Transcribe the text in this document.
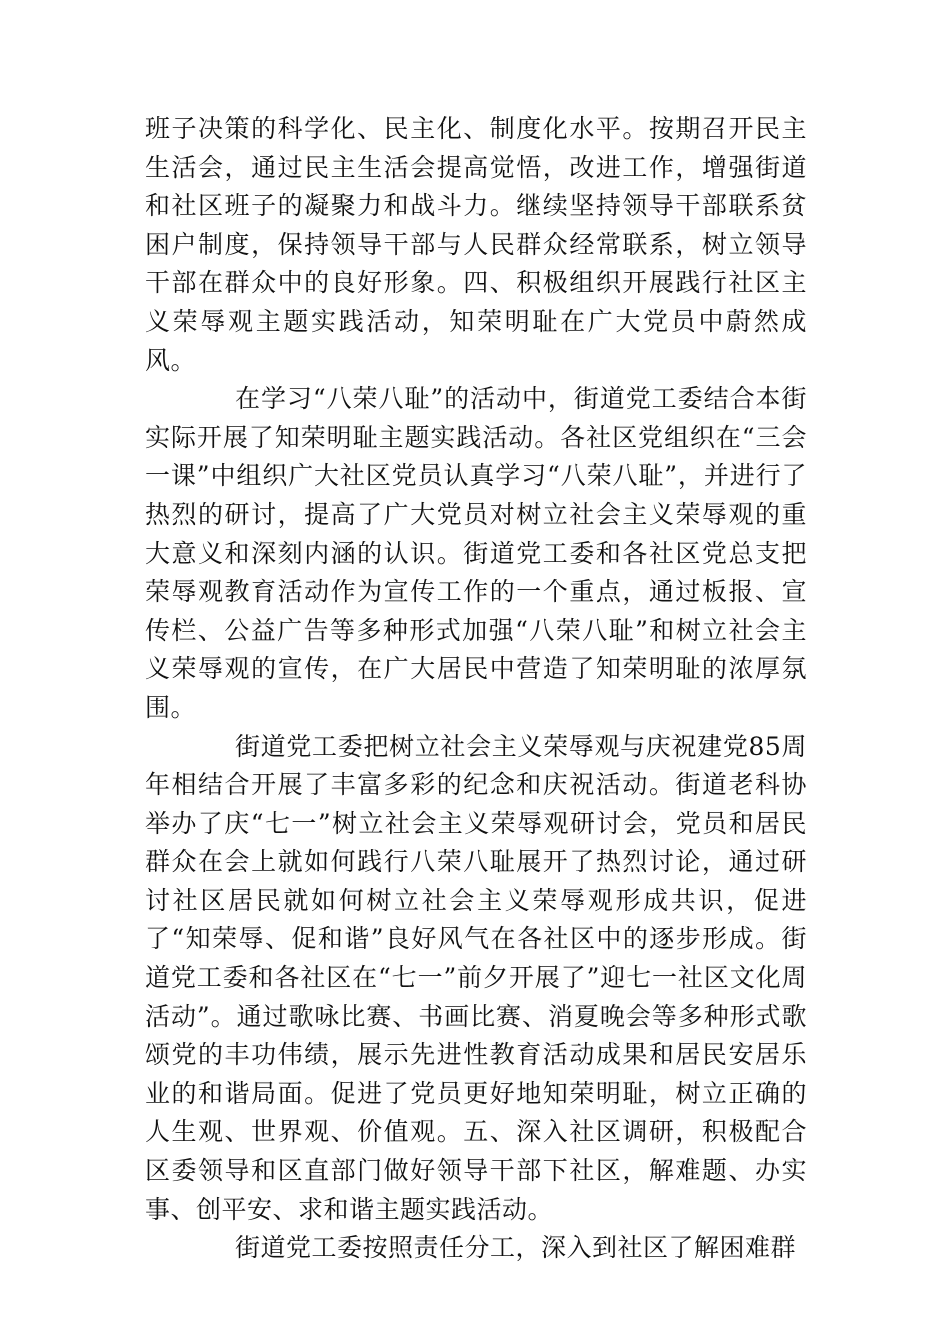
班子决策的科学化、民主化、制度化水平。按期召开民主生活会，通过民主生活会提高觉悟，改进工作，增强街道和社区班子的凝聚力和战斗力。继续坚持领导干部联系贫困户制度，保持领导干部与人民群众经常联系，树立领导干部在群众中的良好形象。四、积极组织开展践行社区主义荣辱观主题实践活动，知荣明耻在广大党员中蔚然成风。

在学习“八荣八耻”的活动中，街道党工委结合本街实际开展了知荣明耻主题实践活动。各社区党组织在“三会一课”中组织广大社区党员认真学习“八荣八耻”，并进行了热烈的研讨，提高了广大党员对树立社会主义荣辱观的重大意义和深刻内涵的认识。街道党工委和各社区党总支把荣辱观教育活动作为宣传工作的一个重点，通过板报、宣传栏、公益广告等多种形式加强“八荣八耻”和树立社会主义荣辱观的宣传，在广大居民中营造了知荣明耻的浓厚氛围。

街道党工委把树立社会主义荣辱观与庆祝建党85周年相结合开展了丰富多彩的纪念和庆祝活动。街道老科协举办了庆“七一”树立社会主义荣辱观研讨会，党员和居民群众在会上就如何践行八荣八耻展开了热烈讨论，通过研讨社区居民就如何树立社会主义荣辱观形成共识，促进了“知荣辱、促和谐”良好风气在各社区中的逐步形成。街道党工委和各社区在“七一”前夕开展了”迎七一社区文化周活动”。通过歌咏比赛、书画比赛、消夏晚会等多种形式歌颂党的丰功伟绩，展示先进性教育活动成果和居民安居乐业的和谐局面。促进了党员更好地知荣明耻，树立正确的人生观、世界观、价值观。五、深入社区调研，积极配合区委领导和区直部门做好领导干部下社区，解难题、办实事、创平安、求和谐主题实践活动。

街道党工委按照责任分工，深入到社区了解困难群
